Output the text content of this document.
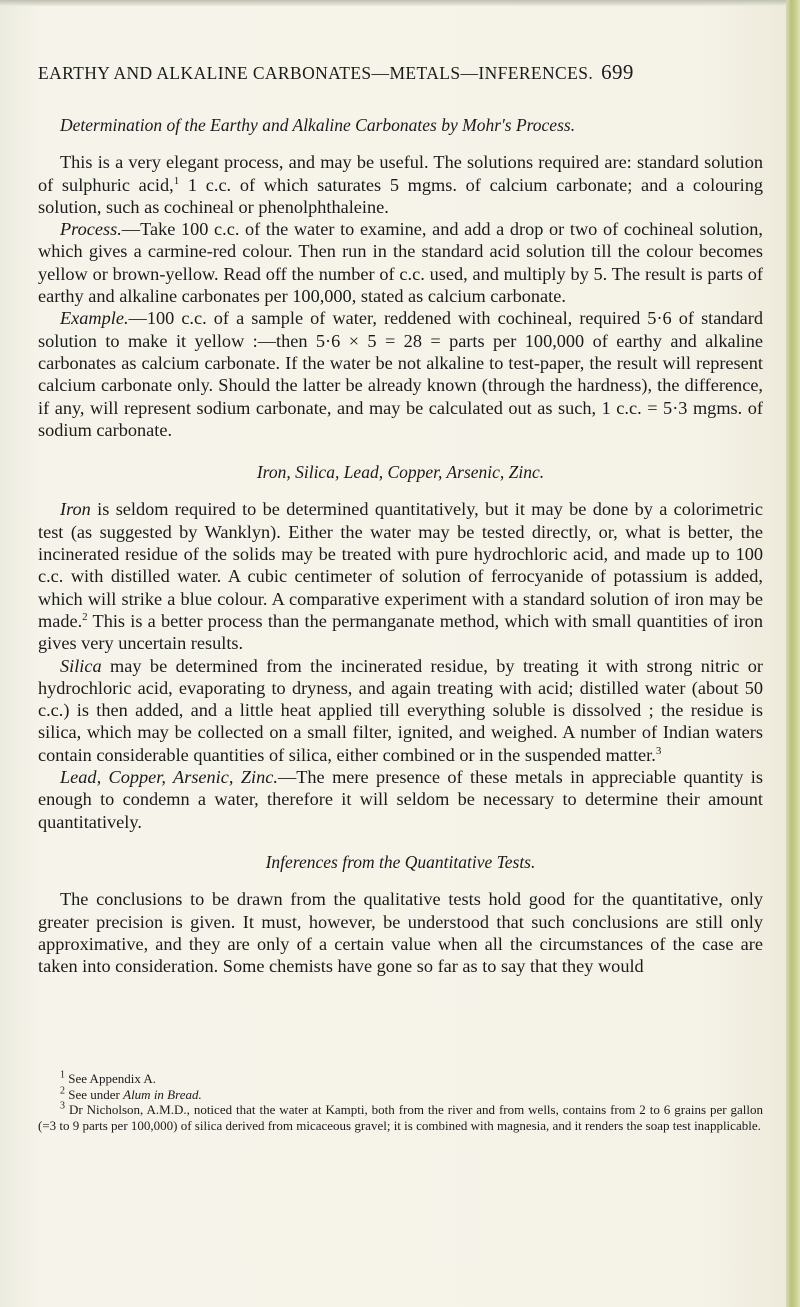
EARTHY AND ALKALINE CARBONATES—METALS—INFERENCES. 699
Determination of the Earthy and Alkaline Carbonates by Mohr's Process.

This is a very elegant process, and may be useful. The solutions required are: standard solution of sulphuric acid,$^1$ 1 c.c. of which saturates 5 mgms. of calcium carbonate; and a colouring solution, such as cochineal or phenolphthaleine.

Process.—Take 100 c.c. of the water to examine, and add a drop or two of cochineal solution, which gives a carmine-red colour. Then run in the standard acid solution till the colour becomes yellow or brown-yellow. Read off the number of c.c. used, and multiply by 5. The result is parts of earthy and alkaline carbonates per 100,000, stated as calcium carbonate.

Example.—100 c.c. of a sample of water, reddened with cochineal, required 5·6 of standard solution to make it yellow :—then 5·6 × 5 = 28 = parts per 100,000 of earthy and alkaline carbonates as calcium carbonate. If the water be not alkaline to test-paper, the result will represent calcium carbonate only. Should the latter be already known (through the hardness), the difference, if any, will represent sodium carbonate, and may be calculated out as such, 1 c.c. = 5·3 mgms. of sodium carbonate.

Iron, Silica, Lead, Copper, Arsenic, Zinc.

Iron is seldom required to be determined quantitatively, but it may be done by a colorimetric test (as suggested by Wanklyn). Either the water may be tested directly, or, what is better, the incinerated residue of the solids may be treated with pure hydrochloric acid, and made up to 100 c.c. with distilled water. A cubic centimeter of solution of ferrocyanide of potassium is added, which will strike a blue colour. A comparative experiment with a standard solution of iron may be made.$^2$ This is a better process than the permanganate method, which with small quantities of iron gives very uncertain results.

Silica may be determined from the incinerated residue, by treating it with strong nitric or hydrochloric acid, evaporating to dryness, and again treating with acid; distilled water (about 50 c.c.) is then added, and a little heat applied till everything soluble is dissolved ; the residue is silica, which may be collected on a small filter, ignited, and weighed. A number of Indian waters contain considerable quantities of silica, either combined or in the suspended matter.$^3$

Lead, Copper, Arsenic, Zinc.—The mere presence of these metals in appreciable quantity is enough to condemn a water, therefore it will seldom be necessary to determine their amount quantitatively.

Inferences from the Quantitative Tests.

The conclusions to be drawn from the qualitative tests hold good for the quantitative, only greater precision is given. It must, however, be understood that such conclusions are still only approximative, and they are only of a certain value when all the circumstances of the case are taken into consideration. Some chemists have gone so far as to say that they would

$^1$ See Appendix A.

$^2$ See under Alum in Bread.

$^3$ Dr Nicholson, A.M.D., noticed that the water at Kampti, both from the river and from wells, contains from 2 to 6 grains per gallon (=3 to 9 parts per 100,000) of silica derived from micaceous gravel; it is combined with magnesia, and it renders the soap test inapplicable.
